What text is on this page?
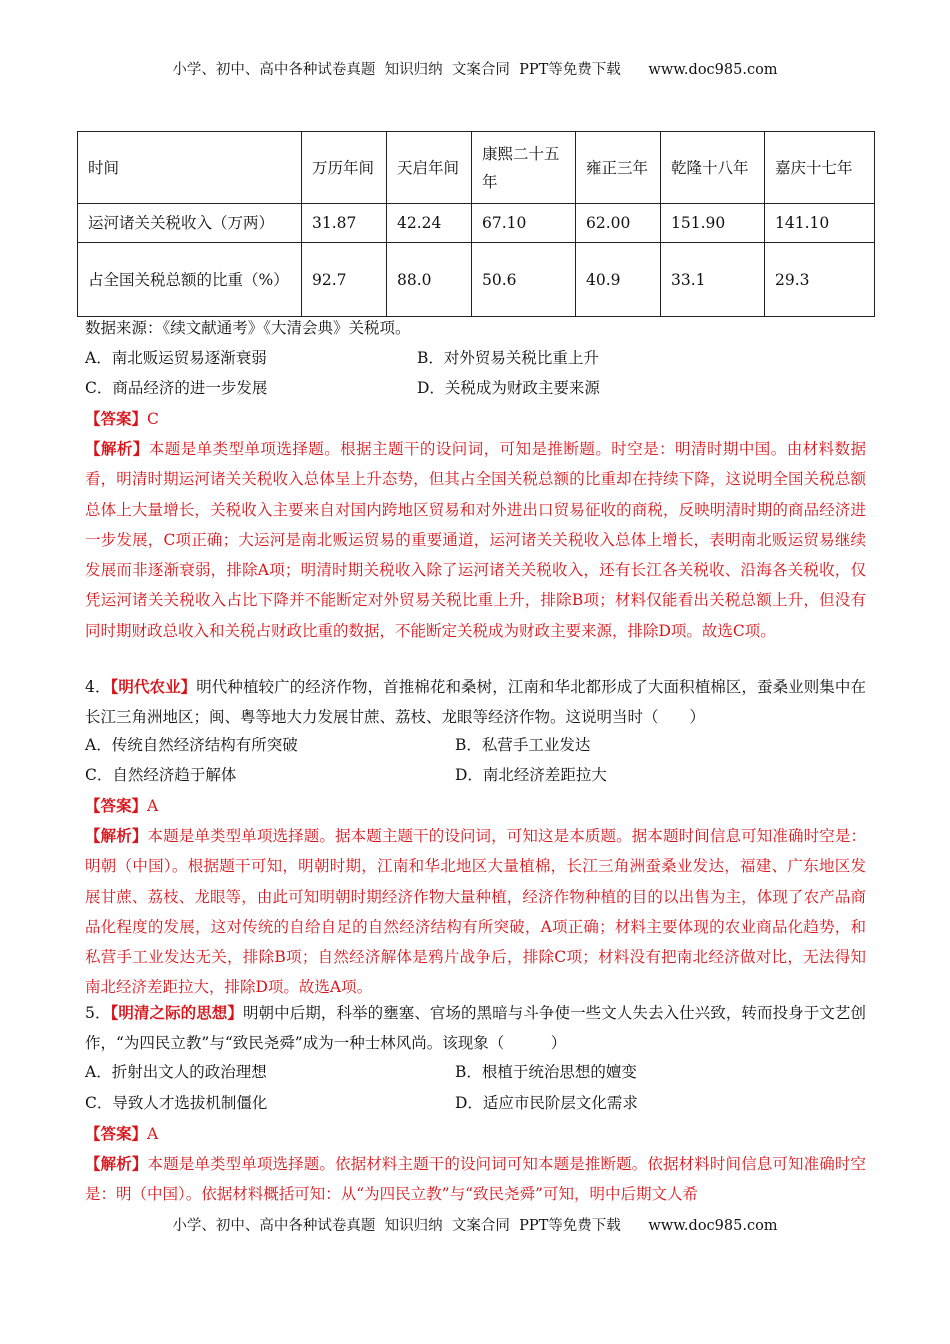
小学、初中、高中各种试卷真题  知识归纳  文案合同  PPT等免费下载      www.doc985.com
时间	万历年间	天启年间	康熙二十五年	雍正三年	乾隆十八年	嘉庆十七年
运河诸关关税收入（万两）	31.87	42.24	67.10	62.00	151.90	141.10
占全国关税总额的比重（%）	92.7	88.0	50.6	40.9	33.1	29.3
数据来源：《续文献通考》《大清会典》关税项。
A．南北贩运贸易逐渐衰弱	B．对外贸易关税比重上升
C．商品经济的进一步发展	D．关税成为财政主要来源
【答案】C
【解析】本题是单类型单项选择题。根据主题干的设问词，可知是推断题。时空是：明清时期中国。由材料数据看，明清时期运河诸关关税收入总体呈上升态势，但其占全国关税总额的比重却在持续下降，这说明全国关税总额总体上大量增长，关税收入主要来自对国内跨地区贸易和对外进出口贸易征收的商税，反映明清时期的商品经济进一步发展，C项正确；大运河是南北贩运贸易的重要通道，运河诸关关税收入总体上增长，表明南北贩运贸易继续发展而非逐渐衰弱，排除A项；明清时期关税收入除了运河诸关关税收入，还有长江各关税收、沿海各关税收，仅凭运河诸关关税收入占比下降并不能断定对外贸易关税比重上升，排除B项；材料仅能看出关税总额上升，但没有同时期财政总收入和关税占财政比重的数据，不能断定关税成为财政主要来源，排除D项。故选C项。
4．【明代农业】明代种植较广的经济作物，首推棉花和桑树，江南和华北都形成了大面积植棉区，蚕桑业则集中在长江三角洲地区；闽、粤等地大力发展甘蔗、荔枝、龙眼等经济作物。这说明当时（　　）
A．传统自然经济结构有所突破	B．私营手工业发达
C．自然经济趋于解体	D．南北经济差距拉大
【答案】A
【解析】本题是单类型单项选择题。据本题主题干的设问词，可知这是本质题。据本题时间信息可知准确时空是：明朝（中国）。根据题干可知，明朝时期，江南和华北地区大量植棉，长江三角洲蚕桑业发达，福建、广东地区发展甘蔗、荔枝、龙眼等，由此可知明朝时期经济作物大量种植，经济作物种植的目的以出售为主，体现了农产品商品化程度的发展，这对传统的自给自足的自然经济结构有所突破，A项正确；材料主要体现的农业商品化趋势，和私营手工业发达无关，排除B项；自然经济解体是鸦片战争后，排除C项；材料没有把南北经济做对比，无法得知南北经济差距拉大，排除D项。故选A项。
5．【明清之际的思想】明朝中后期，科举的壅塞、官场的黑暗与斗争使一些文人失去入仕兴致，转而投身于文艺创作，“为四民立教”与“致民尧舜”成为一种士林风尚。该现象（　　　）
A．折射出文人的政治理想	B．根植于统治思想的嬗变
C．导致人才选拔机制僵化	D．适应市民阶层文化需求
【答案】A
【解析】本题是单类型单项选择题。依据材料主题干的设问词可知本题是推断题。依据材料时间信息可知准确时空是：明（中国）。依据材料概括可知：从“为四民立教”与“致民尧舜”可知，明中后期文人希
小学、初中、高中各种试卷真题  知识归纳  文案合同  PPT等免费下载      www.doc985.com
